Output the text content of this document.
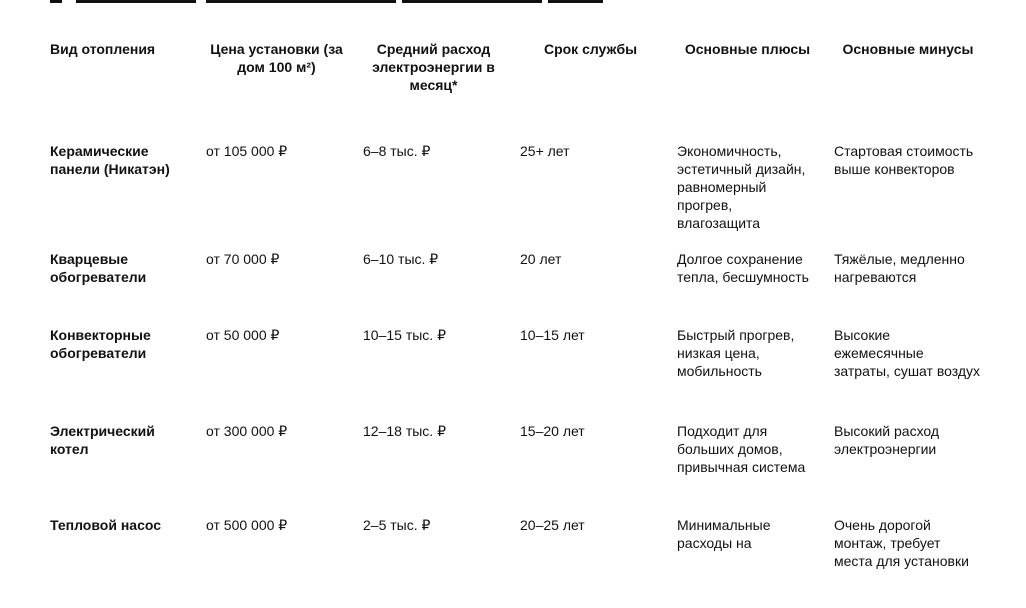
Вид отопления	Цена установки (за дом 100 м²)	Средний расход электроэнергии в месяц*	Срок службы	Основные плюсы	Основные минусы
Керамические панели (Никатэн)	от 105 000 ₽	6–8 тыс. ₽	25+ лет	Экономичность, эстетичный дизайн, равномерный прогрев, влагозащита	Стартовая стоимость выше конвекторов
Кварцевые обогреватели	от 70 000 ₽	6–10 тыс. ₽	20 лет	Долгое сохранение тепла, бесшумность	Тяжёлые, медленно нагреваются
Конвекторные обогреватели	от 50 000 ₽	10–15 тыс. ₽	10–15 лет	Быстрый прогрев, низкая цена, мобильность	Высокие ежемесячные затраты, сушат воздух
Электрический котел	от 300 000 ₽	12–18 тыс. ₽	15–20 лет	Подходит для больших домов, привычная система	Высокий расход электроэнергии
Тепловой насос	от 500 000 ₽	2–5 тыс. ₽	20–25 лет	Минимальные расходы на	Очень дорогой монтаж, требует места для установки
